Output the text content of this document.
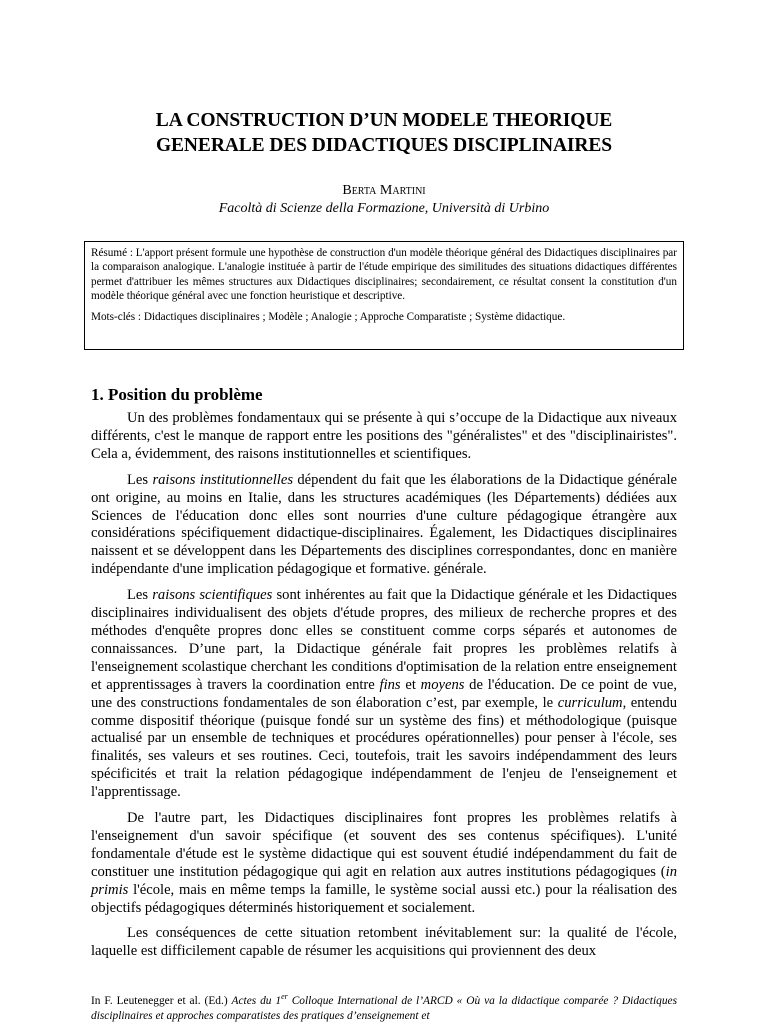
LA CONSTRUCTION D’UN MODELE THEORIQUE
GENERALE DES DIDACTIQUES DISCIPLINAIRES
Berta Martini
Facoltà di Scienze della Formazione, Università di Urbino

Résumé : L'apport présent formule une hypothèse de construction d'un modèle théorique général des Didactiques disciplinaires par la comparaison analogique. L'analogie instituée à partir de l'étude empirique des similitudes des situations didactiques différentes permet d'attribuer les mêmes structures aux Didactiques disciplinaires; secondairement, ce résultat consent la constitution d'un modèle théorique général avec une fonction heuristique et descriptive.

Mots-clés : Didactiques disciplinaires ; Modèle ; Analogie ; Approche Comparatiste ; Système didactique.

1. Position du problème

Un des problèmes fondamentaux qui se présente à qui s’occupe de la Didactique aux niveaux différents, c'est le manque de rapport entre les positions des "généralistes" et des "disciplinairistes". Cela a, évidemment, des raisons institutionnelles et scientifiques.

Les raisons institutionnelles dépendent du fait que les élaborations de la Didactique générale ont origine, au moins en Italie, dans les structures académiques (les Départements) dédiées aux Sciences de l'éducation donc elles sont nourries d'une culture pédagogique étrangère aux considérations spécifiquement didactique-disciplinaires. Également, les Didactiques disciplinaires naissent et se développent dans les Départements des disciplines correspondantes, donc en manière indépendante d'une implication pédagogique et formative. générale.

Les raisons scientifiques sont inhérentes au fait que la Didactique générale et les Didactiques disciplinaires individualisent des objets d'étude propres, des milieux de recherche propres et des méthodes d'enquête propres donc elles se constituent comme corps séparés et autonomes de connaissances. D’une part, la Didactique générale fait propres les problèmes relatifs à l'enseignement scolastique cherchant les conditions d'optimisation de la relation entre enseignement et apprentissages à travers la coordination entre fins et moyens de l'éducation. De ce point de vue, une des constructions fondamentales de son élaboration c’est, par exemple, le curriculum, entendu comme dispositif théorique (puisque fondé sur un système des fins) et méthodologique (puisque actualisé par un ensemble de techniques et procédures opérationnelles) pour penser à l'école, ses finalités, ses valeurs et ses routines. Ceci, toutefois, trait les savoirs indépendamment des leurs spécificités et trait la relation pédagogique indépendamment de l'enjeu de l'enseignement et l'apprentissage.

De l'autre part, les Didactiques disciplinaires font propres les problèmes relatifs à l'enseignement d'un savoir spécifique (et souvent des ses contenus spécifiques). L'unité fondamentale d'étude est le système didactique qui est souvent étudié indépendamment du fait de constituer une institution pédagogique qui agit en relation aux autres institutions pédagogiques (in primis l'école, mais en même temps la famille, le système social aussi etc.) pour la réalisation des objectifs pédagogiques déterminés historiquement et socialement.

Les conséquences de cette situation retombent inévitablement sur: la qualité de l'école, laquelle est difficilement capable de résumer les acquisitions qui proviennent des deux

In F. Leutenegger et al. (Ed.) Actes du 1er Colloque International de l’ARCD « Où va la didactique comparée ? Didactiques disciplinaires et approches comparatistes des pratiques d’enseignement et
